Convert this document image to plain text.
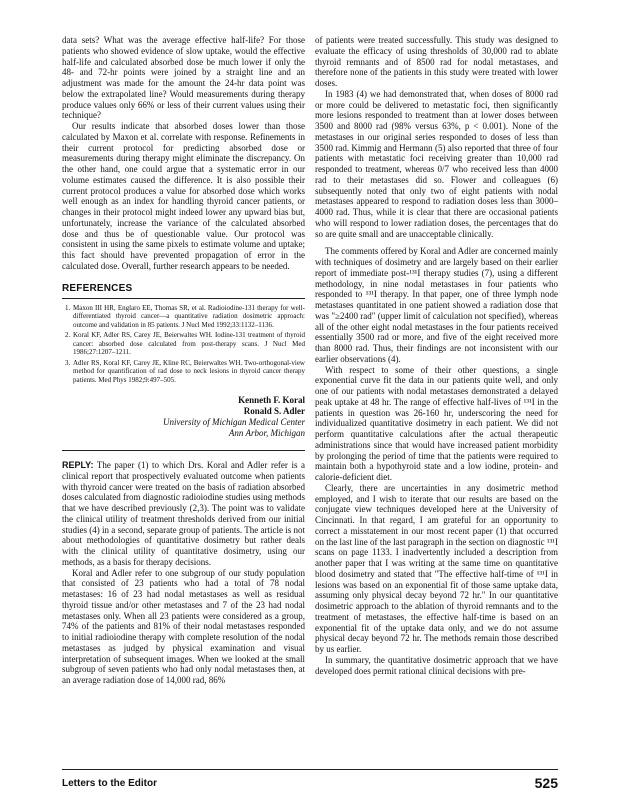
data sets? What was the average effective half-life? For those patients who showed evidence of slow uptake, would the effective half-life and calculated absorbed dose be much lower if only the 48- and 72-hr points were joined by a straight line and an adjustment was made for the amount the 24-hr data point was below the extrapolated line? Would measurements during therapy produce values only 66% or less of their current values using their technique?

Our results indicate that absorbed doses lower than those calculated by Maxon et al. correlate with response. Refinements in their current protocol for predicting absorbed dose or measurements during therapy might eliminate the discrepancy. On the other hand, one could argue that a systematic error in our volume estimates caused the difference. It is also possible their current protocol produces a value for absorbed dose which works well enough as an index for handling thyroid cancer patients, or changes in their protocol might indeed lower any upward bias but, unfortunately, increase the variance of the calculated absorbed dose and thus be of questionable value. Our protocol was consistent in using the same pixels to estimate volume and uptake; this fact should have prevented propagation of error in the calculated dose. Overall, further research appears to be needed.

REFERENCES
1. Maxon III HR, Englaro EE, Thomas SR, et al. Radioiodine-131 therapy for well-differentiated thyroid cancer—a quantitative radiation dosimetric approach: outcome and validation in 85 patients. J Nucl Med 1992;33:1132–1136.
2. Koral KF, Adler RS, Carey JE, Beierwaltes WH. Iodine-131 treatment of thyroid cancer: absorbed dose calculated from post-therapy scans. J Nucl Med 1986;27:1207–1211.
3. Adler RS, Koral KF, Carey JE, Kline RC, Beierwaltes WH. Two-orthogonal-view method for quantification of rad dose to neck lesions in thyroid cancer therapy patients. Med Phys 1982;9:497–505.
Kenneth F. Koral
Ronald S. Adler
University of Michigan Medical Center
Ann Arbor, Michigan

REPLY: The paper (1) to which Drs. Koral and Adler refer is a clinical report that prospectively evaluated outcome when patients with thyroid cancer were treated on the basis of radiation absorbed doses calculated from diagnostic radioiodine studies using methods that we have described previously (2,3). The point was to validate the clinical utility of treatment thresholds derived from our initial studies (4) in a second, separate group of patients. The article is not about methodologies of quantitative dosimetry but rather deals with the clinical utility of quantitative dosimetry, using our methods, as a basis for therapy decisions.

Koral and Adler refer to one subgroup of our study population that consisted of 23 patients who had a total of 78 nodal metastases: 16 of 23 had nodal metastases as well as residual thyroid tissue and/or other metastases and 7 of the 23 had nodal metastases only. When all 23 patients were considered as a group, 74% of the patients and 81% of their nodal metastases responded to initial radioiodine therapy with complete resolution of the nodal metastases as judged by physical examination and visual interpretation of subsequent images. When we looked at the small subgroup of seven patients who had only nodal metastases then, at an average radiation dose of 14,000 rad, 86%

of patients were treated successfully. This study was designed to evaluate the efficacy of using thresholds of 30,000 rad to ablate thyroid remnants and of 8500 rad for nodal metastases, and therefore none of the patients in this study were treated with lower doses.

In 1983 (4) we had demonstrated that, when doses of 8000 rad or more could be delivered to metastatic foci, then significantly more lesions responded to treatment than at lower doses between 3500 and 8000 rad (98% versus 63%, p < 0.001). None of the metastases in our original series responded to doses of less than 3500 rad. Kimmig and Hermann (5) also reported that three of four patients with metastatic foci receiving greater than 10,000 rad responded to treatment, whereas 0/7 who received less than 4000 rad to their metastases did so. Flower and colleagues (6) subsequently noted that only two of eight patients with nodal metastases appeared to respond to radiation doses less than 3000–4000 rad. Thus, while it is clear that there are occasional patients who will respond to lower radiation doses, the percentages that do so are quite small and are unacceptable clinically.

The comments offered by Koral and Adler are concerned mainly with techniques of dosimetry and are largely based on their earlier report of immediate post-¹³¹I therapy studies (7), using a different methodology, in nine nodal metastases in four patients who responded to ¹³¹I therapy. In that paper, one of three lymph node metastases quantitated in one patient showed a radiation dose that was "≥2400 rad" (upper limit of calculation not specified), whereas all of the other eight nodal metastases in the four patients received essentially 3500 rad or more, and five of the eight received more than 8000 rad. Thus, their findings are not inconsistent with our earlier observations (4).

With respect to some of their other questions, a single exponential curve fit the data in our patients quite well, and only one of our patients with nodal metastases demonstrated a delayed peak uptake at 48 hr. The range of effective half-lives of ¹³¹I in the patients in question was 26-160 hr, underscoring the need for individualized quantitative dosimetry in each patient. We did not perform quantitative calculations after the actual therapeutic administrations since that would have increased patient morbidity by prolonging the period of time that the patients were required to maintain both a hypothyroid state and a low iodine, protein- and calorie-deficient diet.

Clearly, there are uncertainties in any dosimetric method employed, and I wish to iterate that our results are based on the conjugate view techniques developed here at the University of Cincinnati. In that regard, I am grateful for an opportunity to correct a misstatement in our most recent paper (1) that occurred on the last line of the last paragraph in the section on diagnostic ¹³¹I scans on page 1133. I inadvertently included a description from another paper that I was writing at the same time on quantitative blood dosimetry and stated that "The effective half-time of ¹³¹I in lesions was based on an exponential fit of those same uptake data, assuming only physical decay beyond 72 hr." In our quantitative dosimetric approach to the ablation of thyroid remnants and to the treatment of metastases, the effective half-time is based on an exponential fit of the uptake data only, and we do not assume physical decay beyond 72 hr. The methods remain those described by us earlier.

In summary, the quantitative dosimetric approach that we have developed does permit rational clinical decisions with pre-

Letters to the Editor	525
